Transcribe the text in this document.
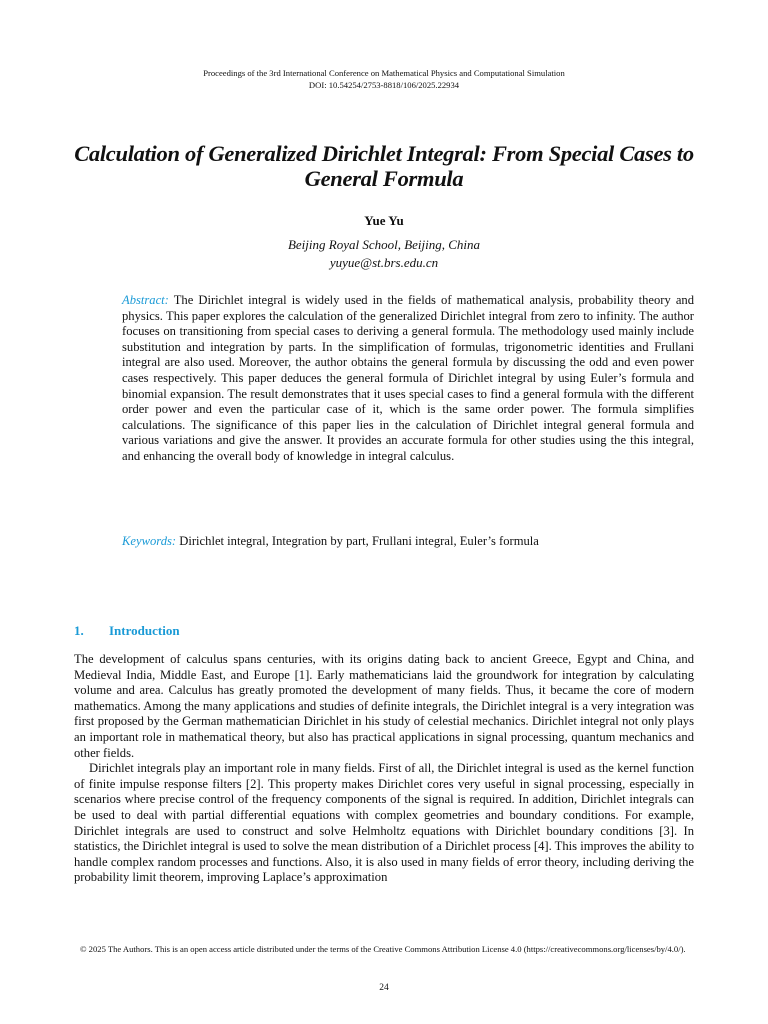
Proceedings of the 3rd International Conference on Mathematical Physics and Computational Simulation
DOI: 10.54254/2753-8818/106/2025.22934
Calculation of Generalized Dirichlet Integral: From Special Cases to General Formula
Yue Yu
Beijing Royal School, Beijing, China
yuyue@st.brs.edu.cn
Abstract: The Dirichlet integral is widely used in the fields of mathematical analysis, probability theory and physics. This paper explores the calculation of the generalized Dirichlet integral from zero to infinity. The author focuses on transitioning from special cases to deriving a general formula. The methodology used mainly include substitution and integration by parts. In the simplification of formulas, trigonometric identities and Frullani integral are also used. Moreover, the author obtains the general formula by discussing the odd and even power cases respectively. This paper deduces the general formula of Dirichlet integral by using Euler’s formula and binomial expansion. The result demonstrates that it uses special cases to find a general formula with the different order power and even the particular case of it, which is the same order power. The formula simplifies calculations. The significance of this paper lies in the calculation of Dirichlet integral general formula and various variations and give the answer. It provides an accurate formula for other studies using the this integral, and enhancing the overall body of knowledge in integral calculus.
Keywords: Dirichlet integral, Integration by part, Frullani integral, Euler’s formula
1. Introduction

The development of calculus spans centuries, with its origins dating back to ancient Greece, Egypt and China, and Medieval India, Middle East, and Europe [1]. Early mathematicians laid the groundwork for integration by calculating volume and area. Calculus has greatly promoted the development of many fields. Thus, it became the core of modern mathematics. Among the many applications and studies of definite integrals, the Dirichlet integral is a very integration was first proposed by the German mathematician Dirichlet in his study of celestial mechanics. Dirichlet integral not only plays an important role in mathematical theory, but also has practical applications in signal processing, quantum mechanics and other fields.

Dirichlet integrals play an important role in many fields. First of all, the Dirichlet integral is used as the kernel function of finite impulse response filters [2]. This property makes Dirichlet cores very useful in signal processing, especially in scenarios where precise control of the frequency components of the signal is required. In addition, Dirichlet integrals can be used to deal with partial differential equations with complex geometries and boundary conditions. For example, Dirichlet integrals are used to construct and solve Helmholtz equations with Dirichlet boundary conditions [3]. In statistics, the Dirichlet integral is used to solve the mean distribution of a Dirichlet process [4]. This improves the ability to handle complex random processes and functions. Also, it is also used in many fields of error theory, including deriving the probability limit theorem, improving Laplace’s approximation

© 2025 The Authors. This is an open access article distributed under the terms of the Creative Commons Attribution License 4.0 (https://creativecommons.org/licenses/by/4.0/).
24
